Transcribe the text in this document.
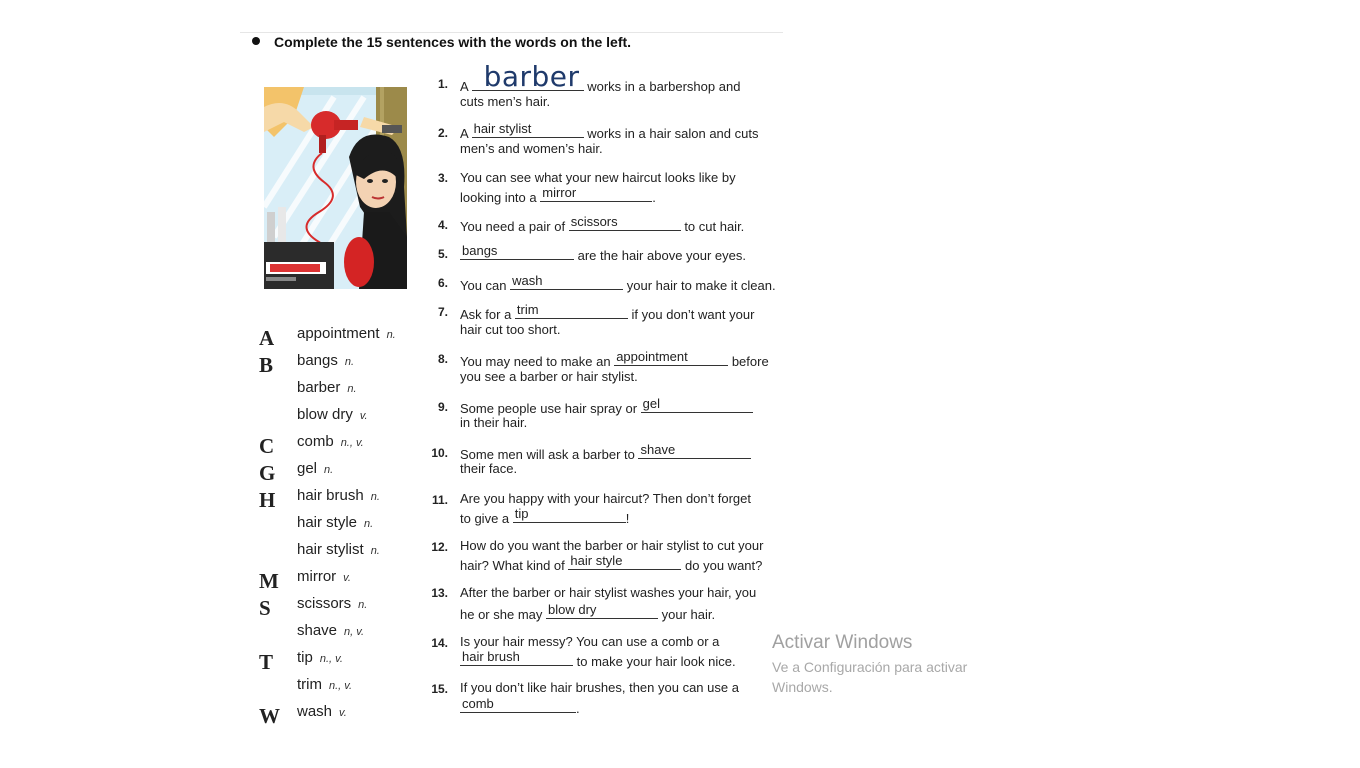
Complete the 15 sentences with the words on the left.
A appointment n.
B bangs n.
barber n.
blow dry v.
C comb n., v.
G gel n.
H hair brush n.
hair style n.
hair stylist n.
M mirror v.
S scissors n.
shave n, v.
T tip n., v.
trim n., v.
W wash v.
1. A barber works in a barbershop and
cuts men’s hair.
2. A hair stylist	works in a hair salon and cuts
men’s and women’s hair.
3. You can see what your new haircut looks like by
looking into a mirror	.
4. You need a pair of scissors	to cut hair.
5. bangs	are the hair above your eyes.
6. You can wash	your hair to make it clean.
7. Ask for a trim	if you don’t want your
hair cut too short.
8. You may need to make an appointment	before
you see a barber or hair stylist.
9. Some people use hair spray or gel
in their hair.
10. Some men will ask a barber to shave
their face.
11. Are you happy with your haircut? Then don’t forget
to give a tip	!
12. How do you want the barber or hair stylist to cut your
hair? What kind of hair style	do you want?
13. After the barber or hair stylist washes your hair, you
he or she may blow dry	your hair.
14. Is your hair messy? You can use a comb or a
hair brush	to make your hair look nice.
15. If you don’t like hair brushes, then you can use a
comb	.
Activar Windows
Ve a Configuración para activar Windows.
